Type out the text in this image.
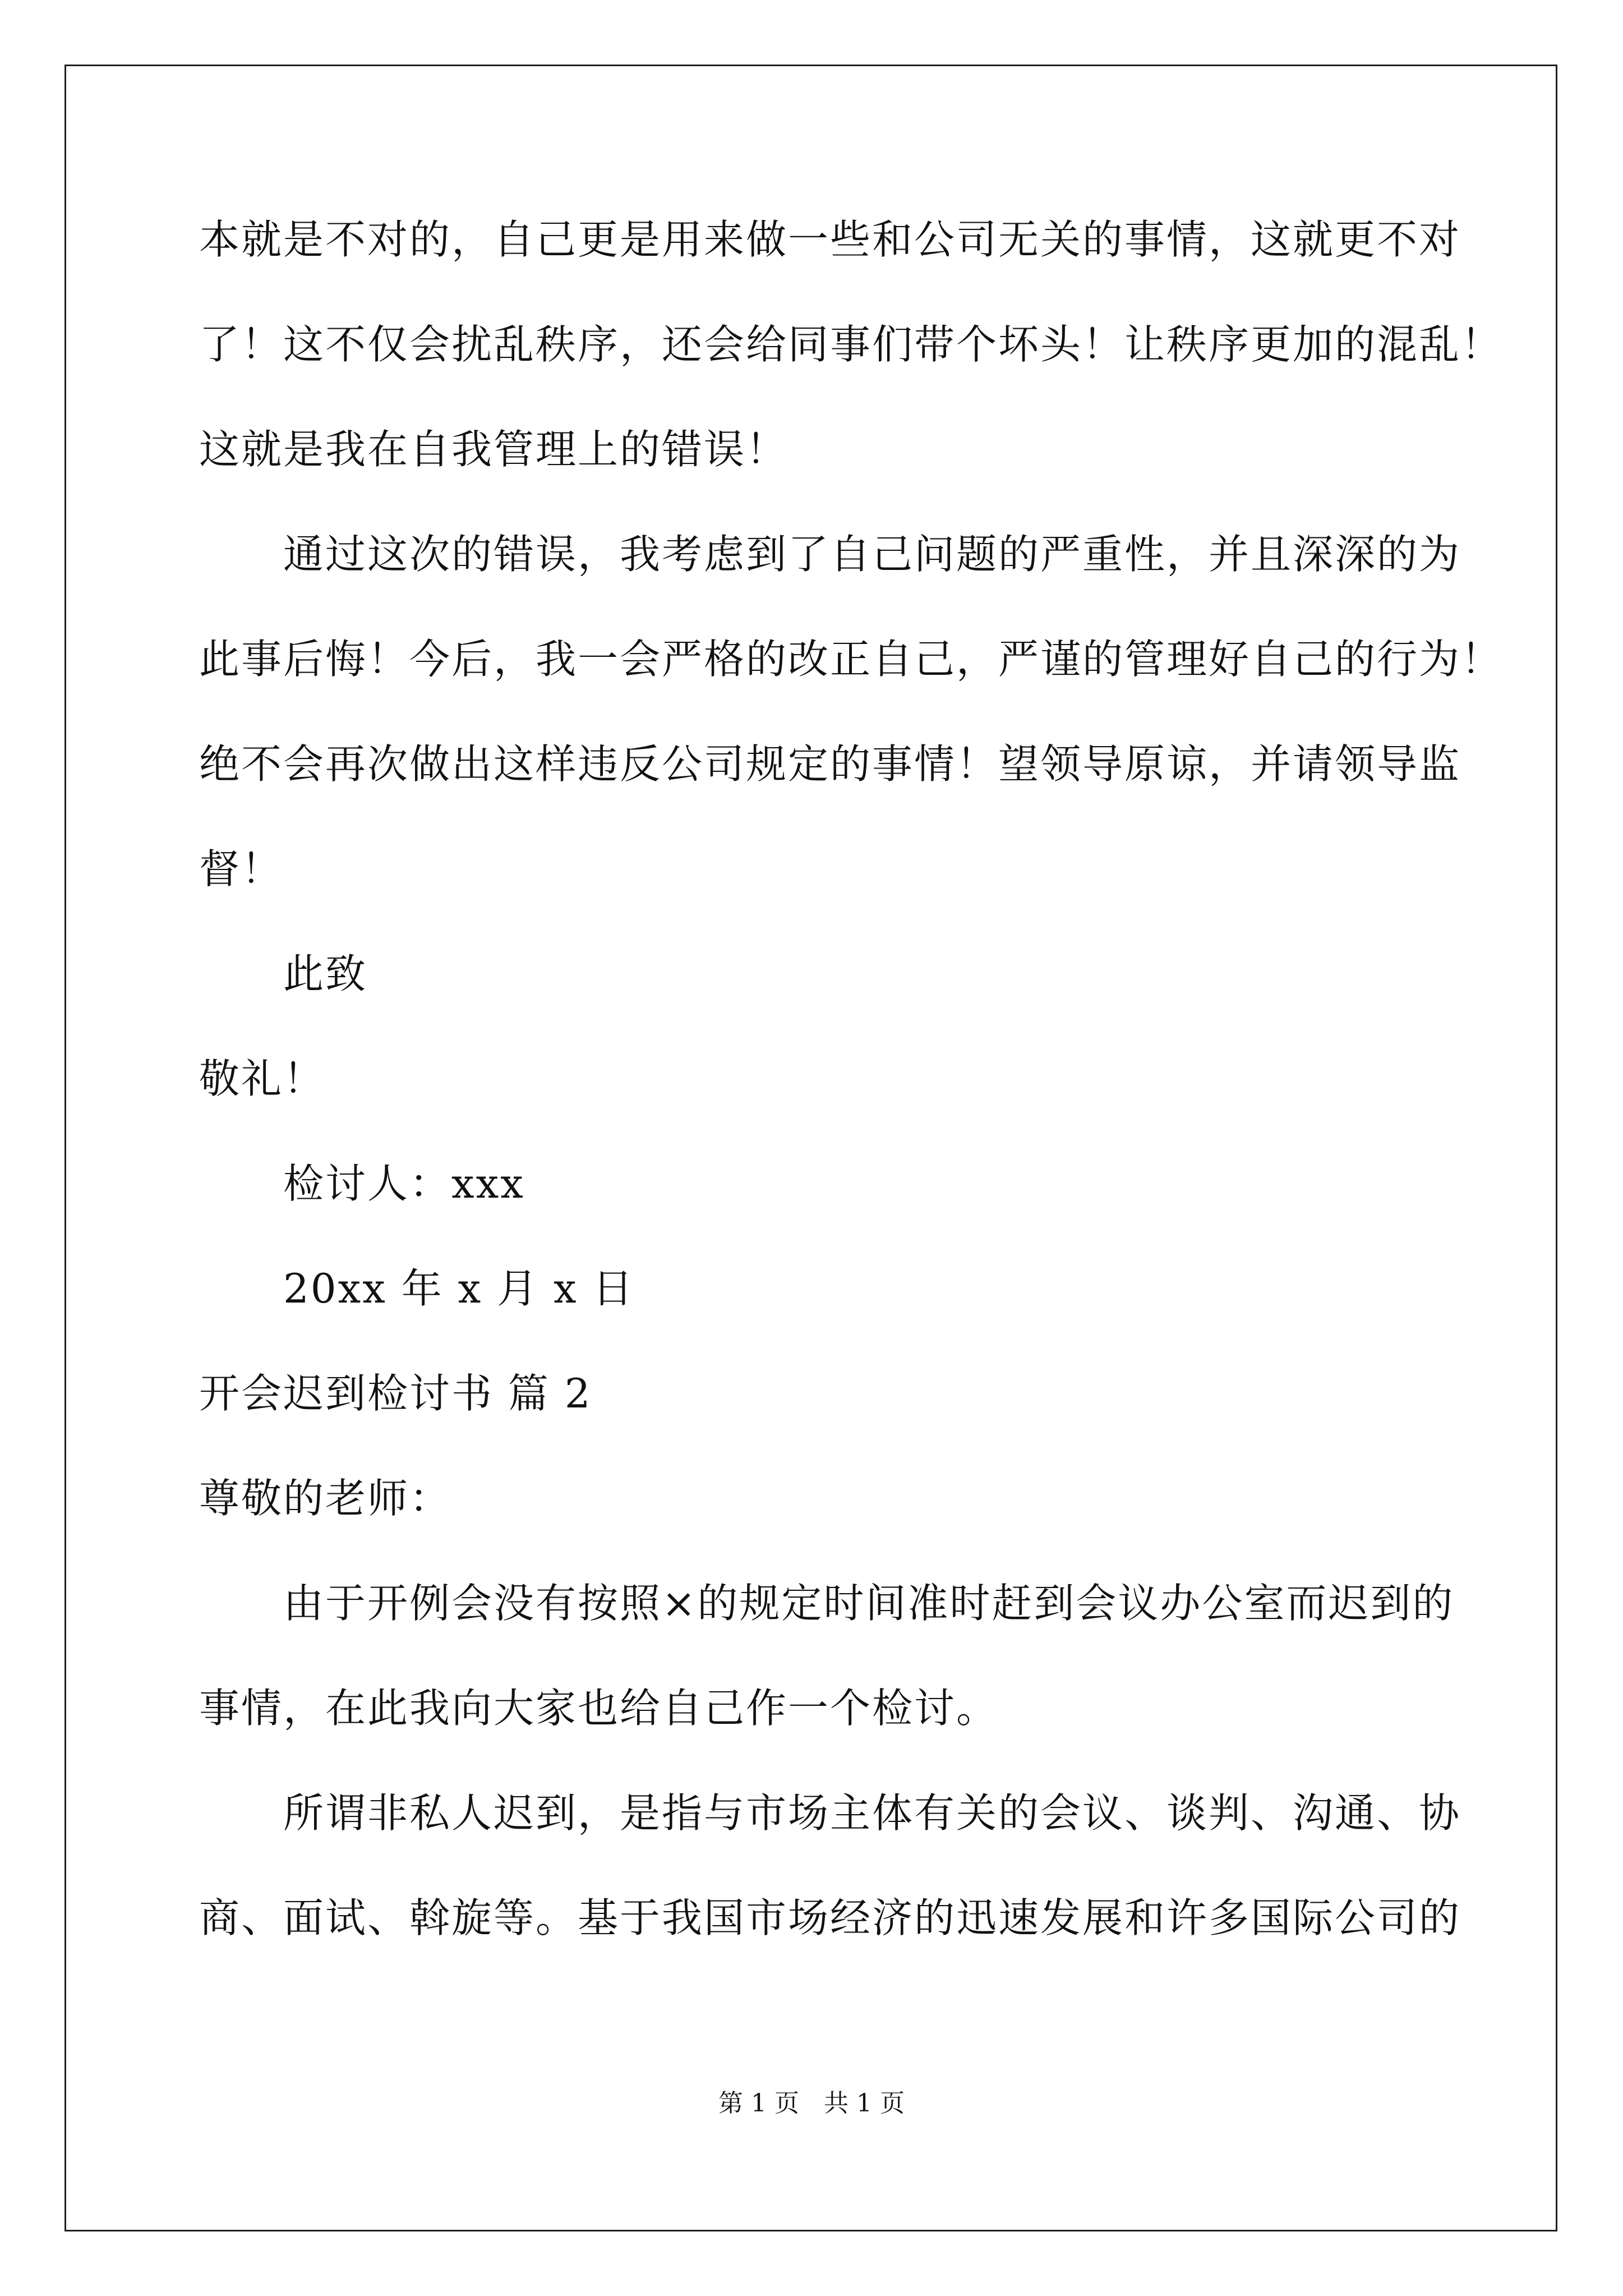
本就是不对的，自己更是用来做一些和公司无关的事情，这就更不对
了！这不仅会扰乱秩序，还会给同事们带个坏头！让秩序更加的混乱！
这就是我在自我管理上的错误！
通过这次的错误，我考虑到了自己问题的严重性，并且深深的为
此事后悔！今后，我一会严格的改正自己，严谨的管理好自己的行为！
绝不会再次做出这样违反公司规定的事情！望领导原谅，并请领导监
督！
此致
敬礼！
检讨人：xxx
20xx 年 x 月 x 日
开会迟到检讨书 篇 2
尊敬的老师：
由于开例会没有按照×的规定时间准时赶到会议办公室而迟到的
事情，在此我向大家也给自己作一个检讨。
所谓非私人迟到，是指与市场主体有关的会议、谈判、沟通、协
商、面试、斡旋等。基于我国市场经济的迅速发展和许多国际公司的
第 1 页　共 1 页
